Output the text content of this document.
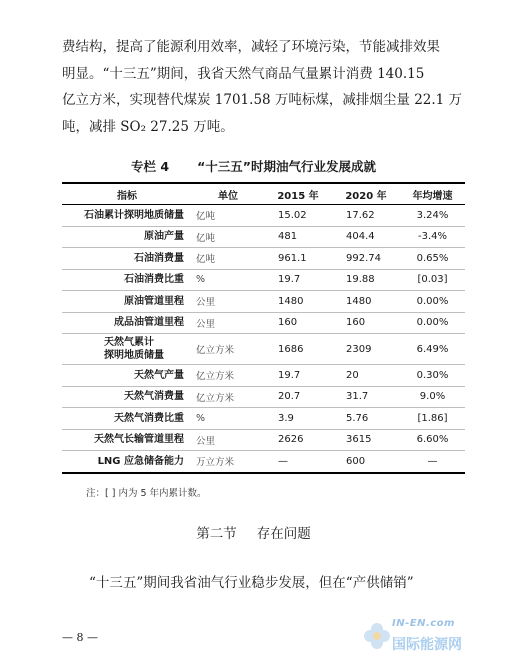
费结构，提高了能源利用效率，减轻了环境污染，节能减排效果
明显。“十三五”期间，我省天然气商品气量累计消费 140.15
亿立方米，实现替代煤炭 1701.58 万吨标煤，减排烟尘量 22.1 万
吨，减排 SO₂ 27.25 万吨。
专栏 4 “十三五”时期油气行业发展成就
指标	单位	2015 年	2020 年	年均增速
石油累计探明地质储量	亿吨	15.02	17.62	3.24%
原油产量	亿吨	481	404.4	-3.4%
石油消费量	亿吨	961.1	992.74	0.65%
石油消费比重	%	19.7	19.88	[0.03]
原油管道里程	公里	1480	1480	0.00%
成品油管道里程	公里	160	160	0.00%

天然气累计
探明地质储量	亿立方米	1686	2309	6.49%
天然气产量	亿立方米	19.7	20	0.30%
天然气消费量	亿立方米	20.7	31.7	9.0%
天然气消费比重	%	3.9	5.76	[1.86]
天然气长输管道里程	公里	2626	3615	6.60%
LNG 应急储备能力	万立方米	—	600	—
注：[ ] 内为 5 年内累计数。
第二节 存在问题

“十三五”期间我省油气行业稳步发展，但在“产供储销”

— 8 —
IN-EN.com
国际能源网
